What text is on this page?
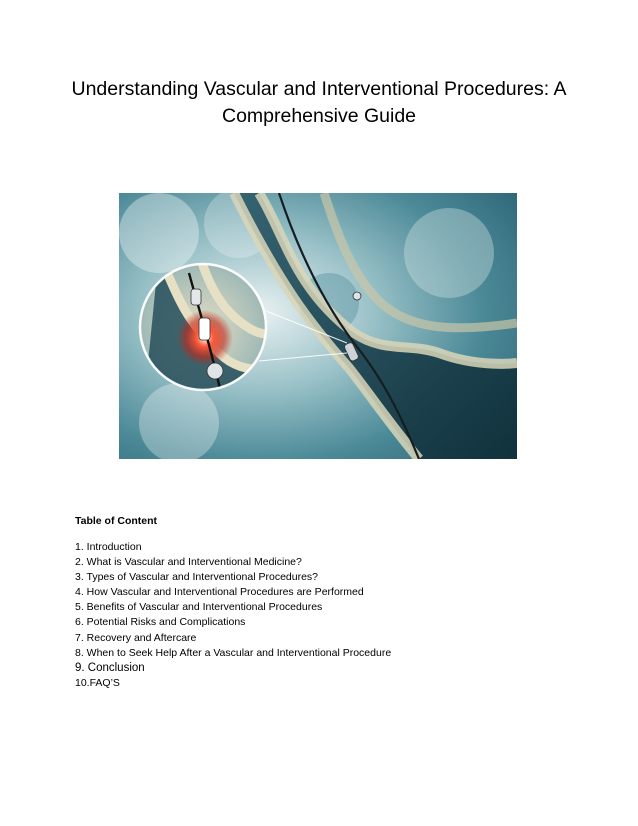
Understanding Vascular and Interventional Procedures: A Comprehensive Guide
Table of Content
1. Introduction
2. What is Vascular and Interventional Medicine?
3. Types of Vascular and Interventional Procedures?
4. How Vascular and Interventional Procedures are Performed
5. Benefits of Vascular and Interventional Procedures
6. Potential Risks and Complications
7. Recovery and Aftercare
8. When to Seek Help After a Vascular and Interventional Procedure
9. Conclusion
10.FAQ’S
